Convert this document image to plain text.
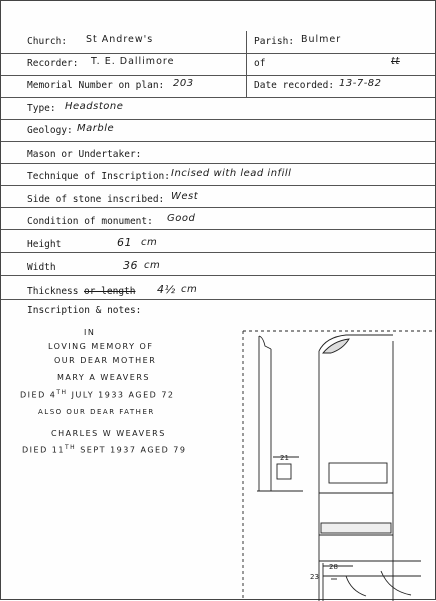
Church: St Andrew's	Parish: Bulmer
Recorder: T. E. Dallimore	of	tt
Memorial Number on plan: 203	Date recorded: 13-7-82
Type: Headstone
Geology: Marble
Mason or Undertaker:
Technique of Inscription: Incised with lead infill
Side of stone inscribed: West
Condition of monument: Good
Height	61 cm
Width	36 cm
Thickness or length 4½ cm
Inscription & notes:
IN
LOVING MEMORY OF
OUR DEAR MOTHER
MARY A WEAVERS
DIED 4TH JULY 1933 AGED 72
ALSO OUR DEAR FATHER
CHARLES W WEAVERS
DIED 11TH SEPT 1937 AGED 79
21
28
23
